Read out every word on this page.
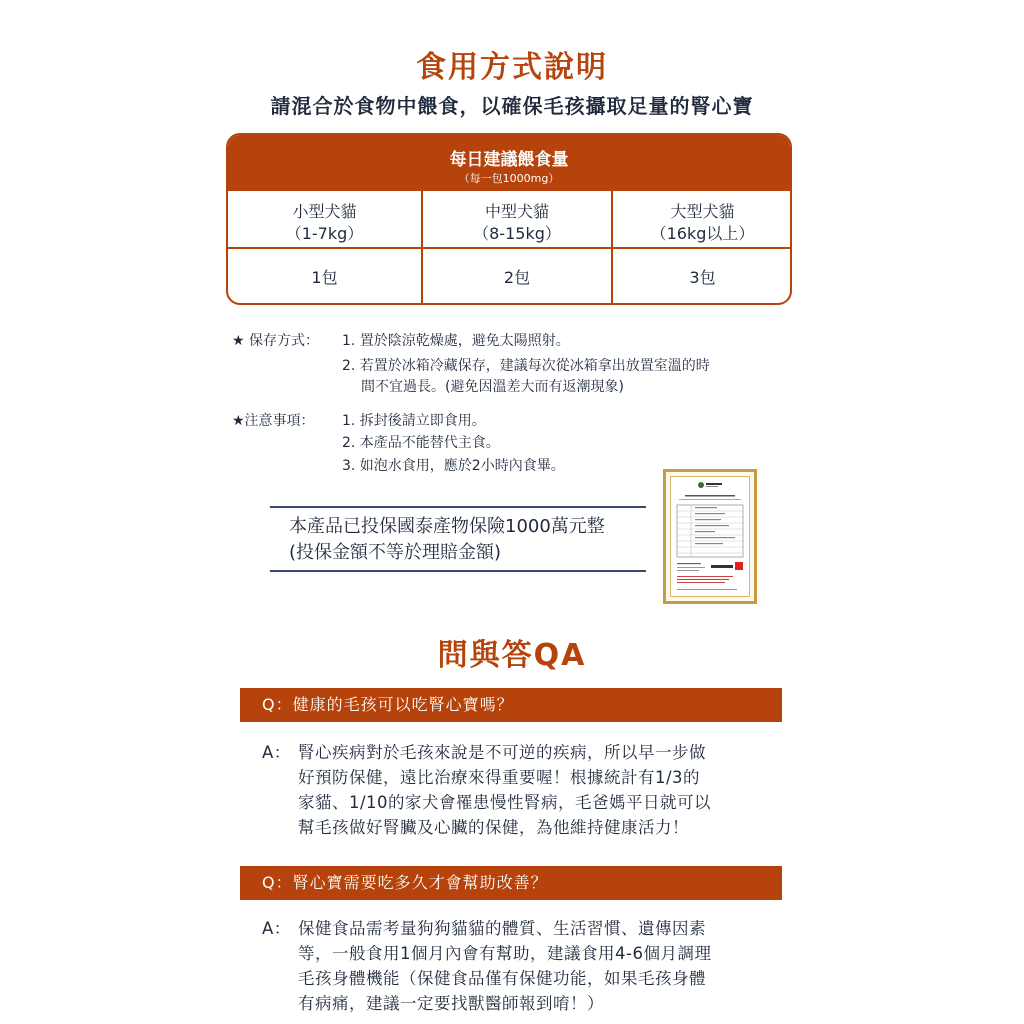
食用方式說明
請混合於食物中餵食，以確保毛孩攝取足量的腎心寶
每日建議餵食量
（每一包1000mg）
小型犬貓
（1-7kg）
中型犬貓
（8-15kg）
大型犬貓
（16kg以上）
1包	2包	3包
★ 保存方式： 1. 置於陰涼乾燥處，避免太陽照射。
2. 若置於冰箱冷藏保存，建議每次從冰箱拿出放置室溫的時
間不宜過長。(避免因溫差大而有返潮現象)
★注意事項： 1. 拆封後請立即食用。
2. 本產品不能替代主食。
3. 如泡水食用，應於2小時內食畢。
本產品已投保國泰產物保險1000萬元整
(投保金額不等於理賠金額)
問與答QA
Q：健康的毛孩可以吃腎心寶嗎？
A： 腎心疾病對於毛孩來說是不可逆的疾病，所以早一步做
好預防保健，遠比治療來得重要喔！根據統計有1/3的
家貓、1/10的家犬會罹患慢性腎病，毛爸媽平日就可以
幫毛孩做好腎臟及心臟的保健，為他維持健康活力！
Q：腎心寶需要吃多久才會幫助改善？
A： 保健食品需考量狗狗貓貓的體質、生活習慣、遺傳因素
等，一般食用1個月內會有幫助，建議食用4-6個月調理
毛孩身體機能（保健食品僅有保健功能，如果毛孩身體
有病痛，建議一定要找獸醫師報到唷！）
